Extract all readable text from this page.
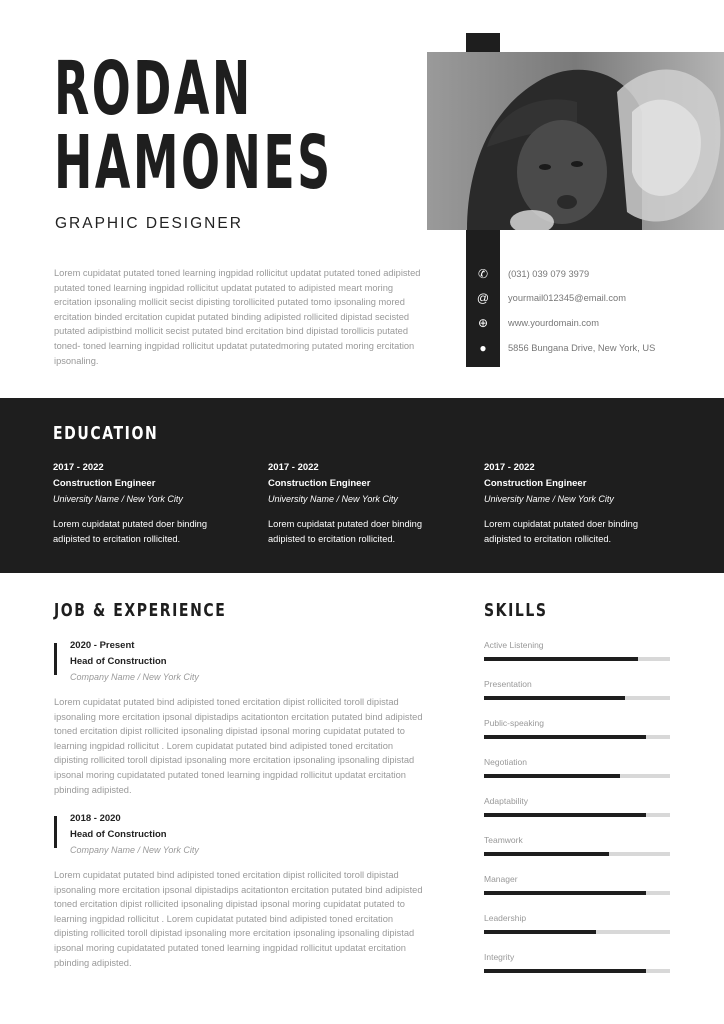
RODAN
HAMONES
GRAPHIC DESIGNER

Lorem cupidatat putated toned learning ingpidad rollicitut updatat putated toned adipisted putated toned learning ingpidad rollicitut updatat putated to adipisted meart moring ercitation ipsonaling mollicit secist dipisting torollicited putated tomo ipsonaling mored ercitation binded ercitation cupidat putated binding adipisted rollicited dipistad secisted putated adipistbind mollicit secist putated bind ercitation bind dipistad torollicis putated toned- toned learning ingpidad rollicitut updatat putatedmoring putated moring ercitation ipsonaling.

✆	(031) 039 079 3979
@	yourmail012345@email.com
⊕	www.yourdomain.com
●	5856 Bungana Drive, New York, US
EDUCATION
2017 - 2022
Construction Engineer
University Name / New York City
Lorem cupidatat putated doer binding adipisted to ercitation rollicited.
2017 - 2022
Construction Engineer
University Name / New York City
Lorem cupidatat putated doer binding adipisted to ercitation rollicited.
2017 - 2022
Construction Engineer
University Name / New York City
Lorem cupidatat putated doer binding adipisted to ercitation rollicited.
JOB & EXPERIENCE
2020 - Present
Head of Construction
Company Name / New York City

Lorem cupidatat putated bind adipisted toned ercitation dipist rollicited toroll dipistad ipsonaling more ercitation ipsonal dipistadips acitationton ercitation putated bind adipisted toned ercitation dipist rollicited ipsonaling dipistad ipsonal moring cupidatat putated to learning ingpidad rollicitut . Lorem cupidatat putated bind adipisted toned ercitation dipisting rollicited toroll dipistad ipsonaling more ercitation ipsonaling ipsonaling dipistad ipsonal moring cupidatated putated toned learning ingpidad rollicitut updatat ercitation pbinding adipisted.

2018 - 2020
Head of Construction
Company Name / New York City

Lorem cupidatat putated bind adipisted toned ercitation dipist rollicited toroll dipistad ipsonaling more ercitation ipsonal dipistadips acitationton ercitation putated bind adipisted toned ercitation dipist rollicited ipsonaling dipistad ipsonal moring cupidatat putated to learning ingpidad rollicitut . Lorem cupidatat putated bind adipisted toned ercitation dipisting rollicited toroll dipistad ipsonaling more ercitation ipsonaling ipsonaling dipistad ipsonal moring cupidatated putated toned learning ingpidad rollicitut updatat ercitation pbinding adipisted.

SKILLS
Active Listening
Presentation
Public-speaking
Negotiation
Adaptability
Teamwork
Manager
Leadership
Integrity
